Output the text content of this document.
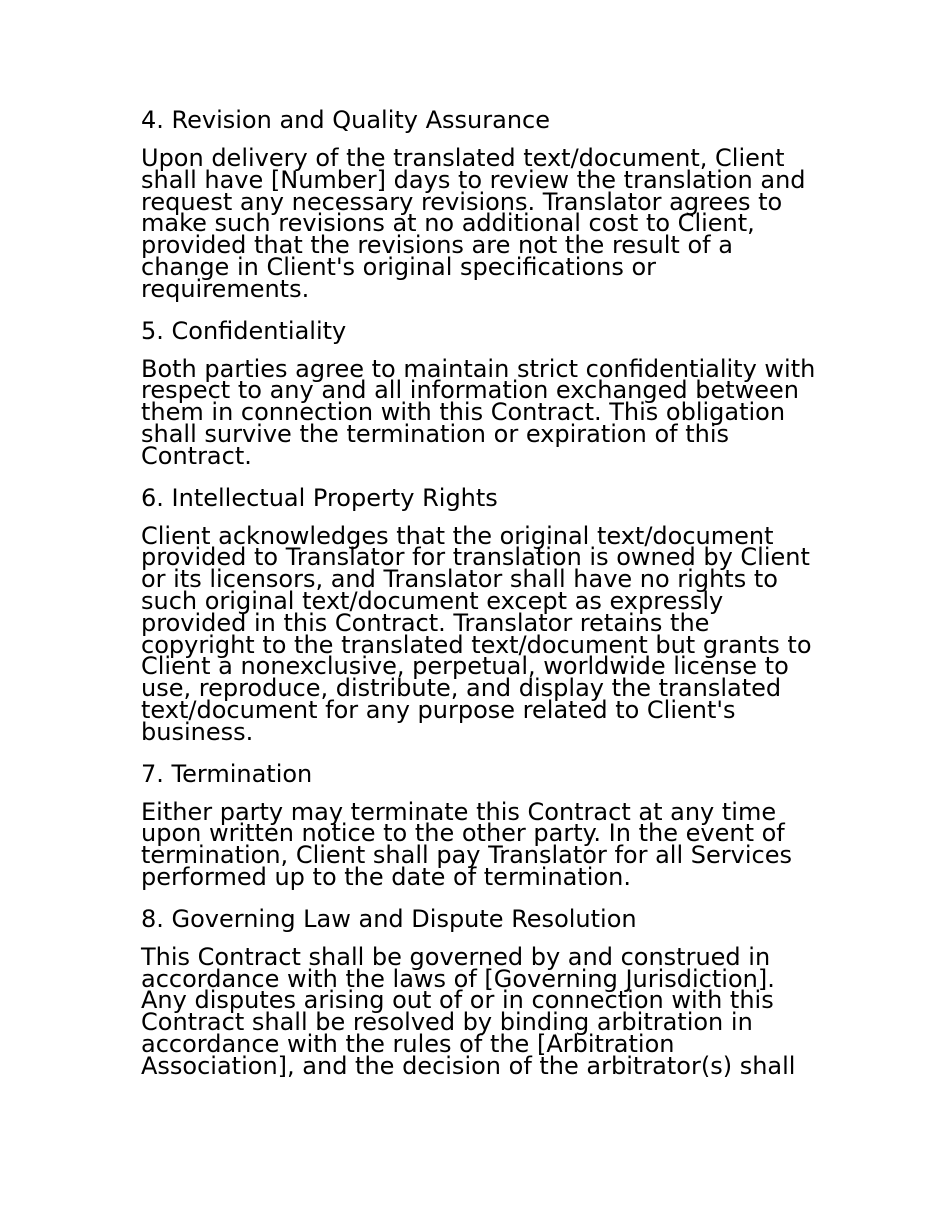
4. Revision and Quality Assurance
Upon delivery of the translated text/document, Client
shall have [Number] days to review the translation and
request any necessary revisions. Translator agrees to
make such revisions at no additional cost to Client,
provided that the revisions are not the result of a
change in Client's original specifications or
requirements.
5. Confidentiality
Both parties agree to maintain strict confidentiality with
respect to any and all information exchanged between
them in connection with this Contract. This obligation
shall survive the termination or expiration of this
Contract.
6. Intellectual Property Rights
Client acknowledges that the original text/document
provided to Translator for translation is owned by Client
or its licensors, and Translator shall have no rights to
such original text/document except as expressly
provided in this Contract. Translator retains the
copyright to the translated text/document but grants to
Client a nonexclusive, perpetual, worldwide license to
use, reproduce, distribute, and display the translated
text/document for any purpose related to Client's
business.
7. Termination
Either party may terminate this Contract at any time
upon written notice to the other party. In the event of
termination, Client shall pay Translator for all Services
performed up to the date of termination.
8. Governing Law and Dispute Resolution
This Contract shall be governed by and construed in
accordance with the laws of [Governing Jurisdiction].
Any disputes arising out of or in connection with this
Contract shall be resolved by binding arbitration in
accordance with the rules of the [Arbitration
Association], and the decision of the arbitrator(s) shall
